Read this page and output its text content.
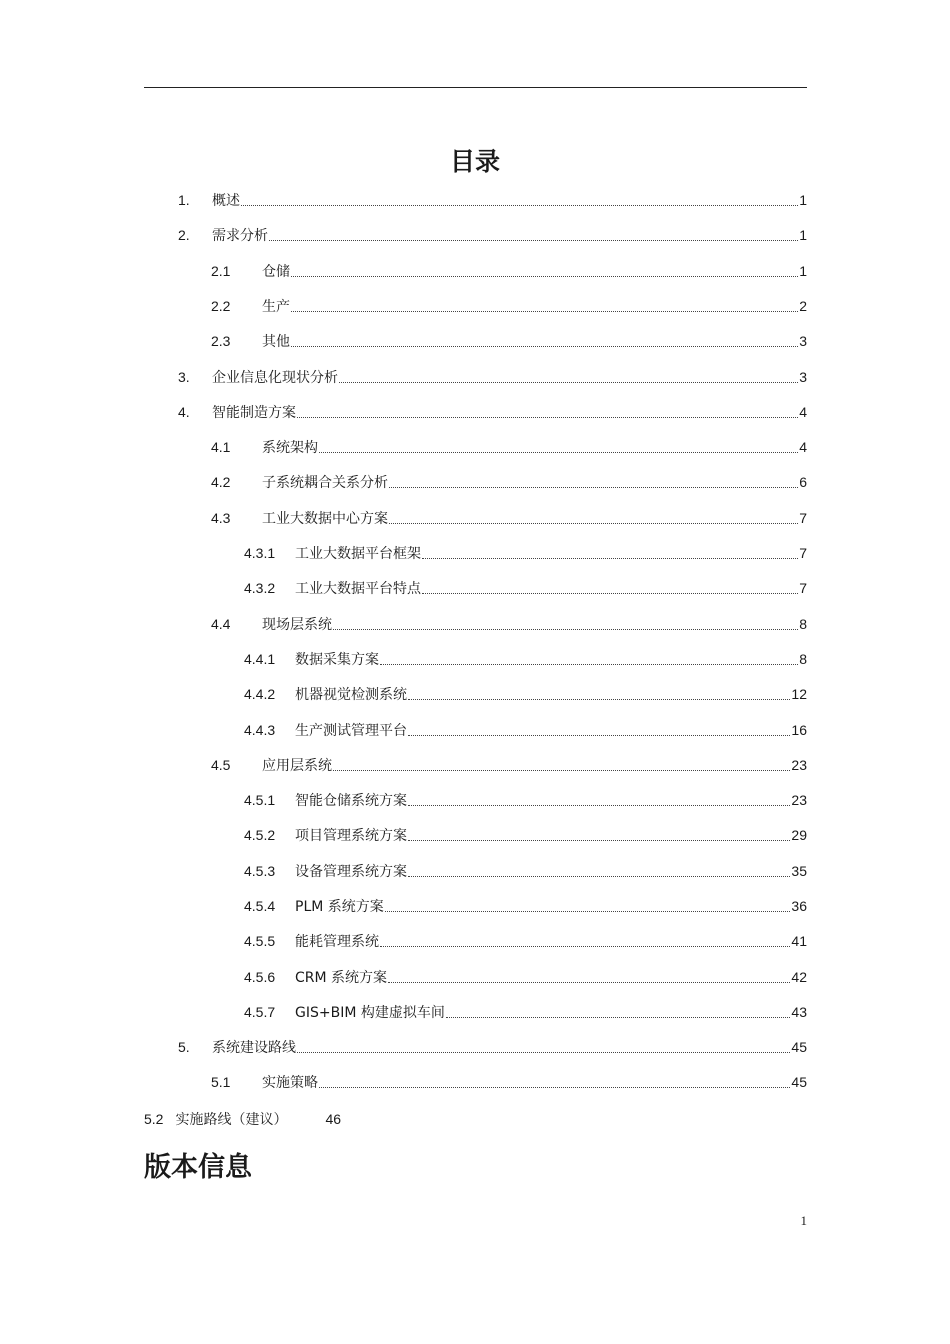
目录
1.	概述	1
2.	需求分析	1
2.1	仓储	1
2.2	生产	2
2.3	其他	3
3.	企业信息化现状分析	3
4.	智能制造方案	4
4.1	系统架构	4
4.2	子系统耦合关系分析	6
4.3	工业大数据中心方案	7
4.3.1	工业大数据平台框架	7
4.3.2	工业大数据平台特点	7
4.4	现场层系统	8
4.4.1	数据采集方案	8
4.4.2	机器视觉检测系统	12
4.4.3	生产测试管理平台	16
4.5	应用层系统	23
4.5.1	智能仓储系统方案	23
4.5.2	项目管理系统方案	29
4.5.3	设备管理系统方案	35
4.5.4	PLM 系统方案	36
4.5.5	能耗管理系统	41
4.5.6	CRM 系统方案	42
4.5.7	GIS+BIM 构建虚拟车间	43
5.	系统建设路线	45
5.1	实施策略	45
5.2 实施路线（建议）	46
版本信息
1
